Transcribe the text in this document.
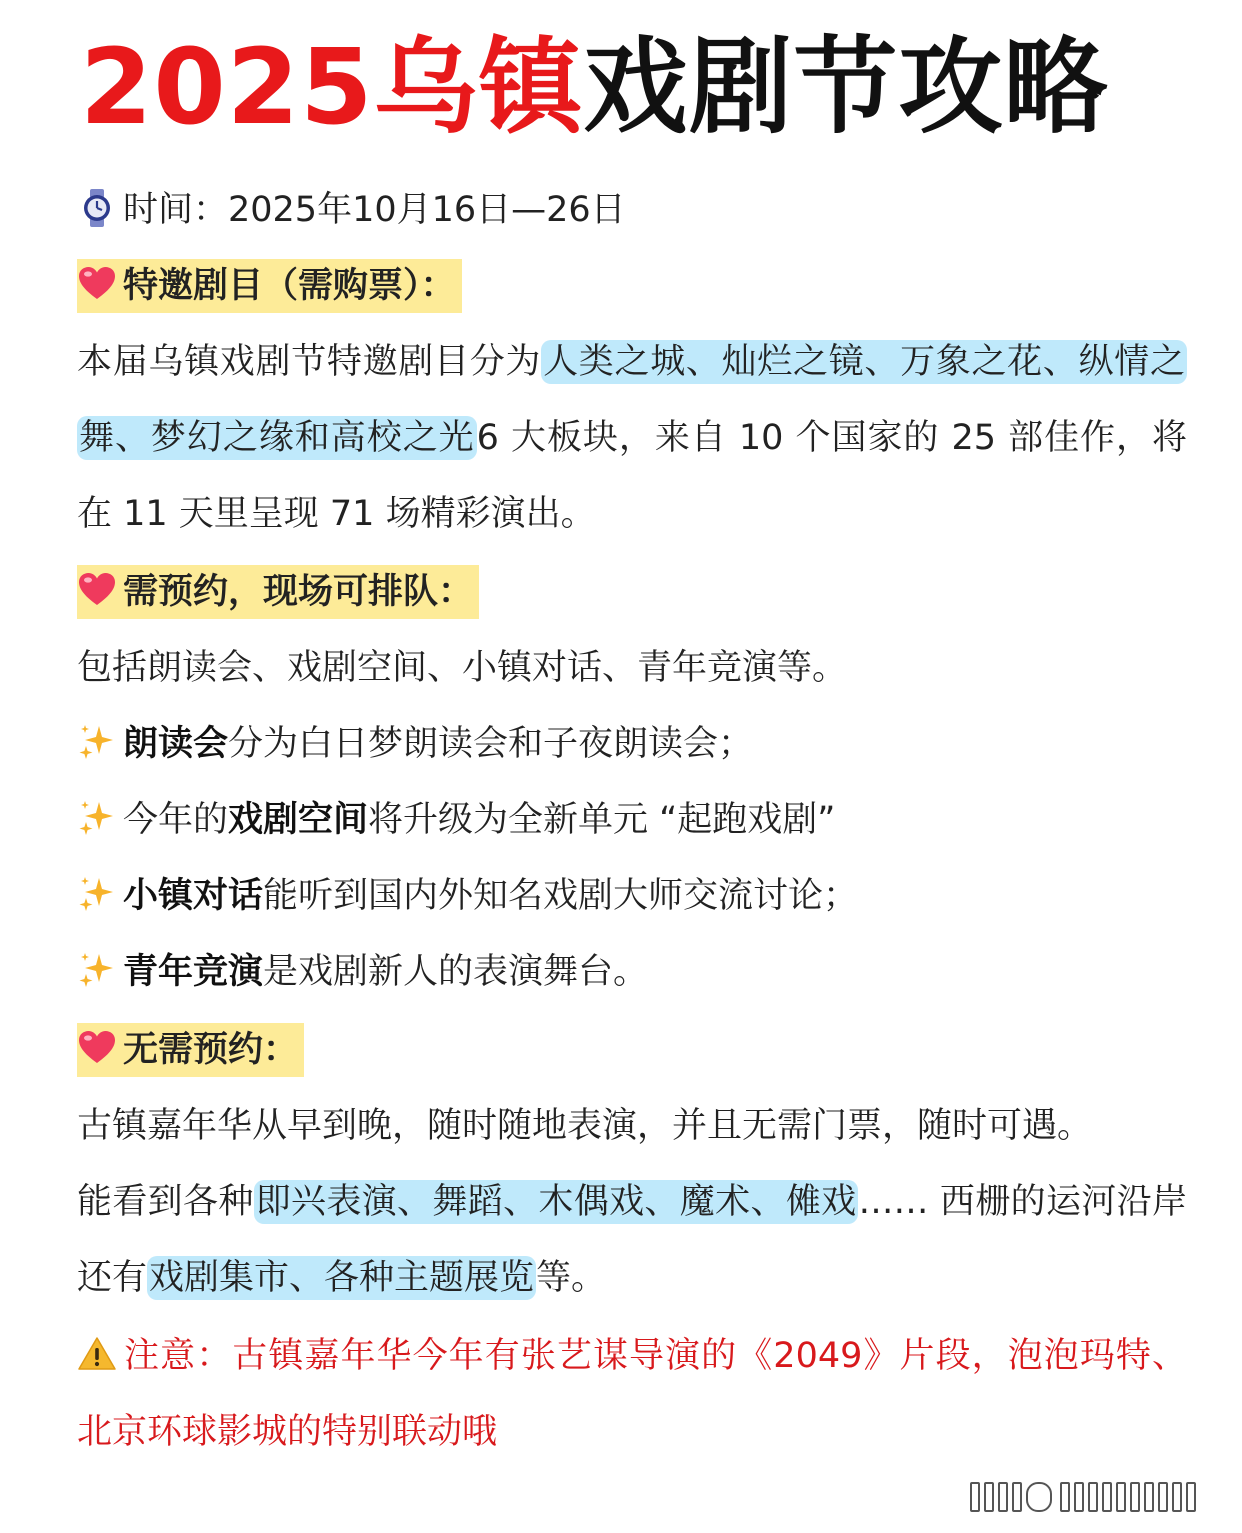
2025乌镇戏剧节攻略
时间：2025年10月16日—26日
特邀剧目（需购票）：
本届乌镇戏剧节特邀剧目分为人类之城、灿烂之镜、万象之花、纵情之舞、梦幻之缘和高校之光6 大板块，来自 10 个国家的 25 部佳作，将在 11 天里呈现 71 场精彩演出。
需预约，现场可排队：
包括朗读会、戏剧空间、小镇对话、青年竞演等。
朗读会分为白日梦朗读会和子夜朗读会；
今年的戏剧空间将升级为全新单元 “起跑戏剧”
小镇对话能听到国内外知名戏剧大师交流讨论；
青年竞演是戏剧新人的表演舞台。
无需预约：
古镇嘉年华从早到晚，随时随地表演，并且无需门票，随时可遇。
能看到各种即兴表演、舞蹈、木偶戏、魔术、傩戏…… 西栅的运河沿岸还有戏剧集市、各种主题展览等。
注意：古镇嘉年华今年有张艺谋导演的《2049》片段，泡泡玛特、北京环球影城的特别联动哦
